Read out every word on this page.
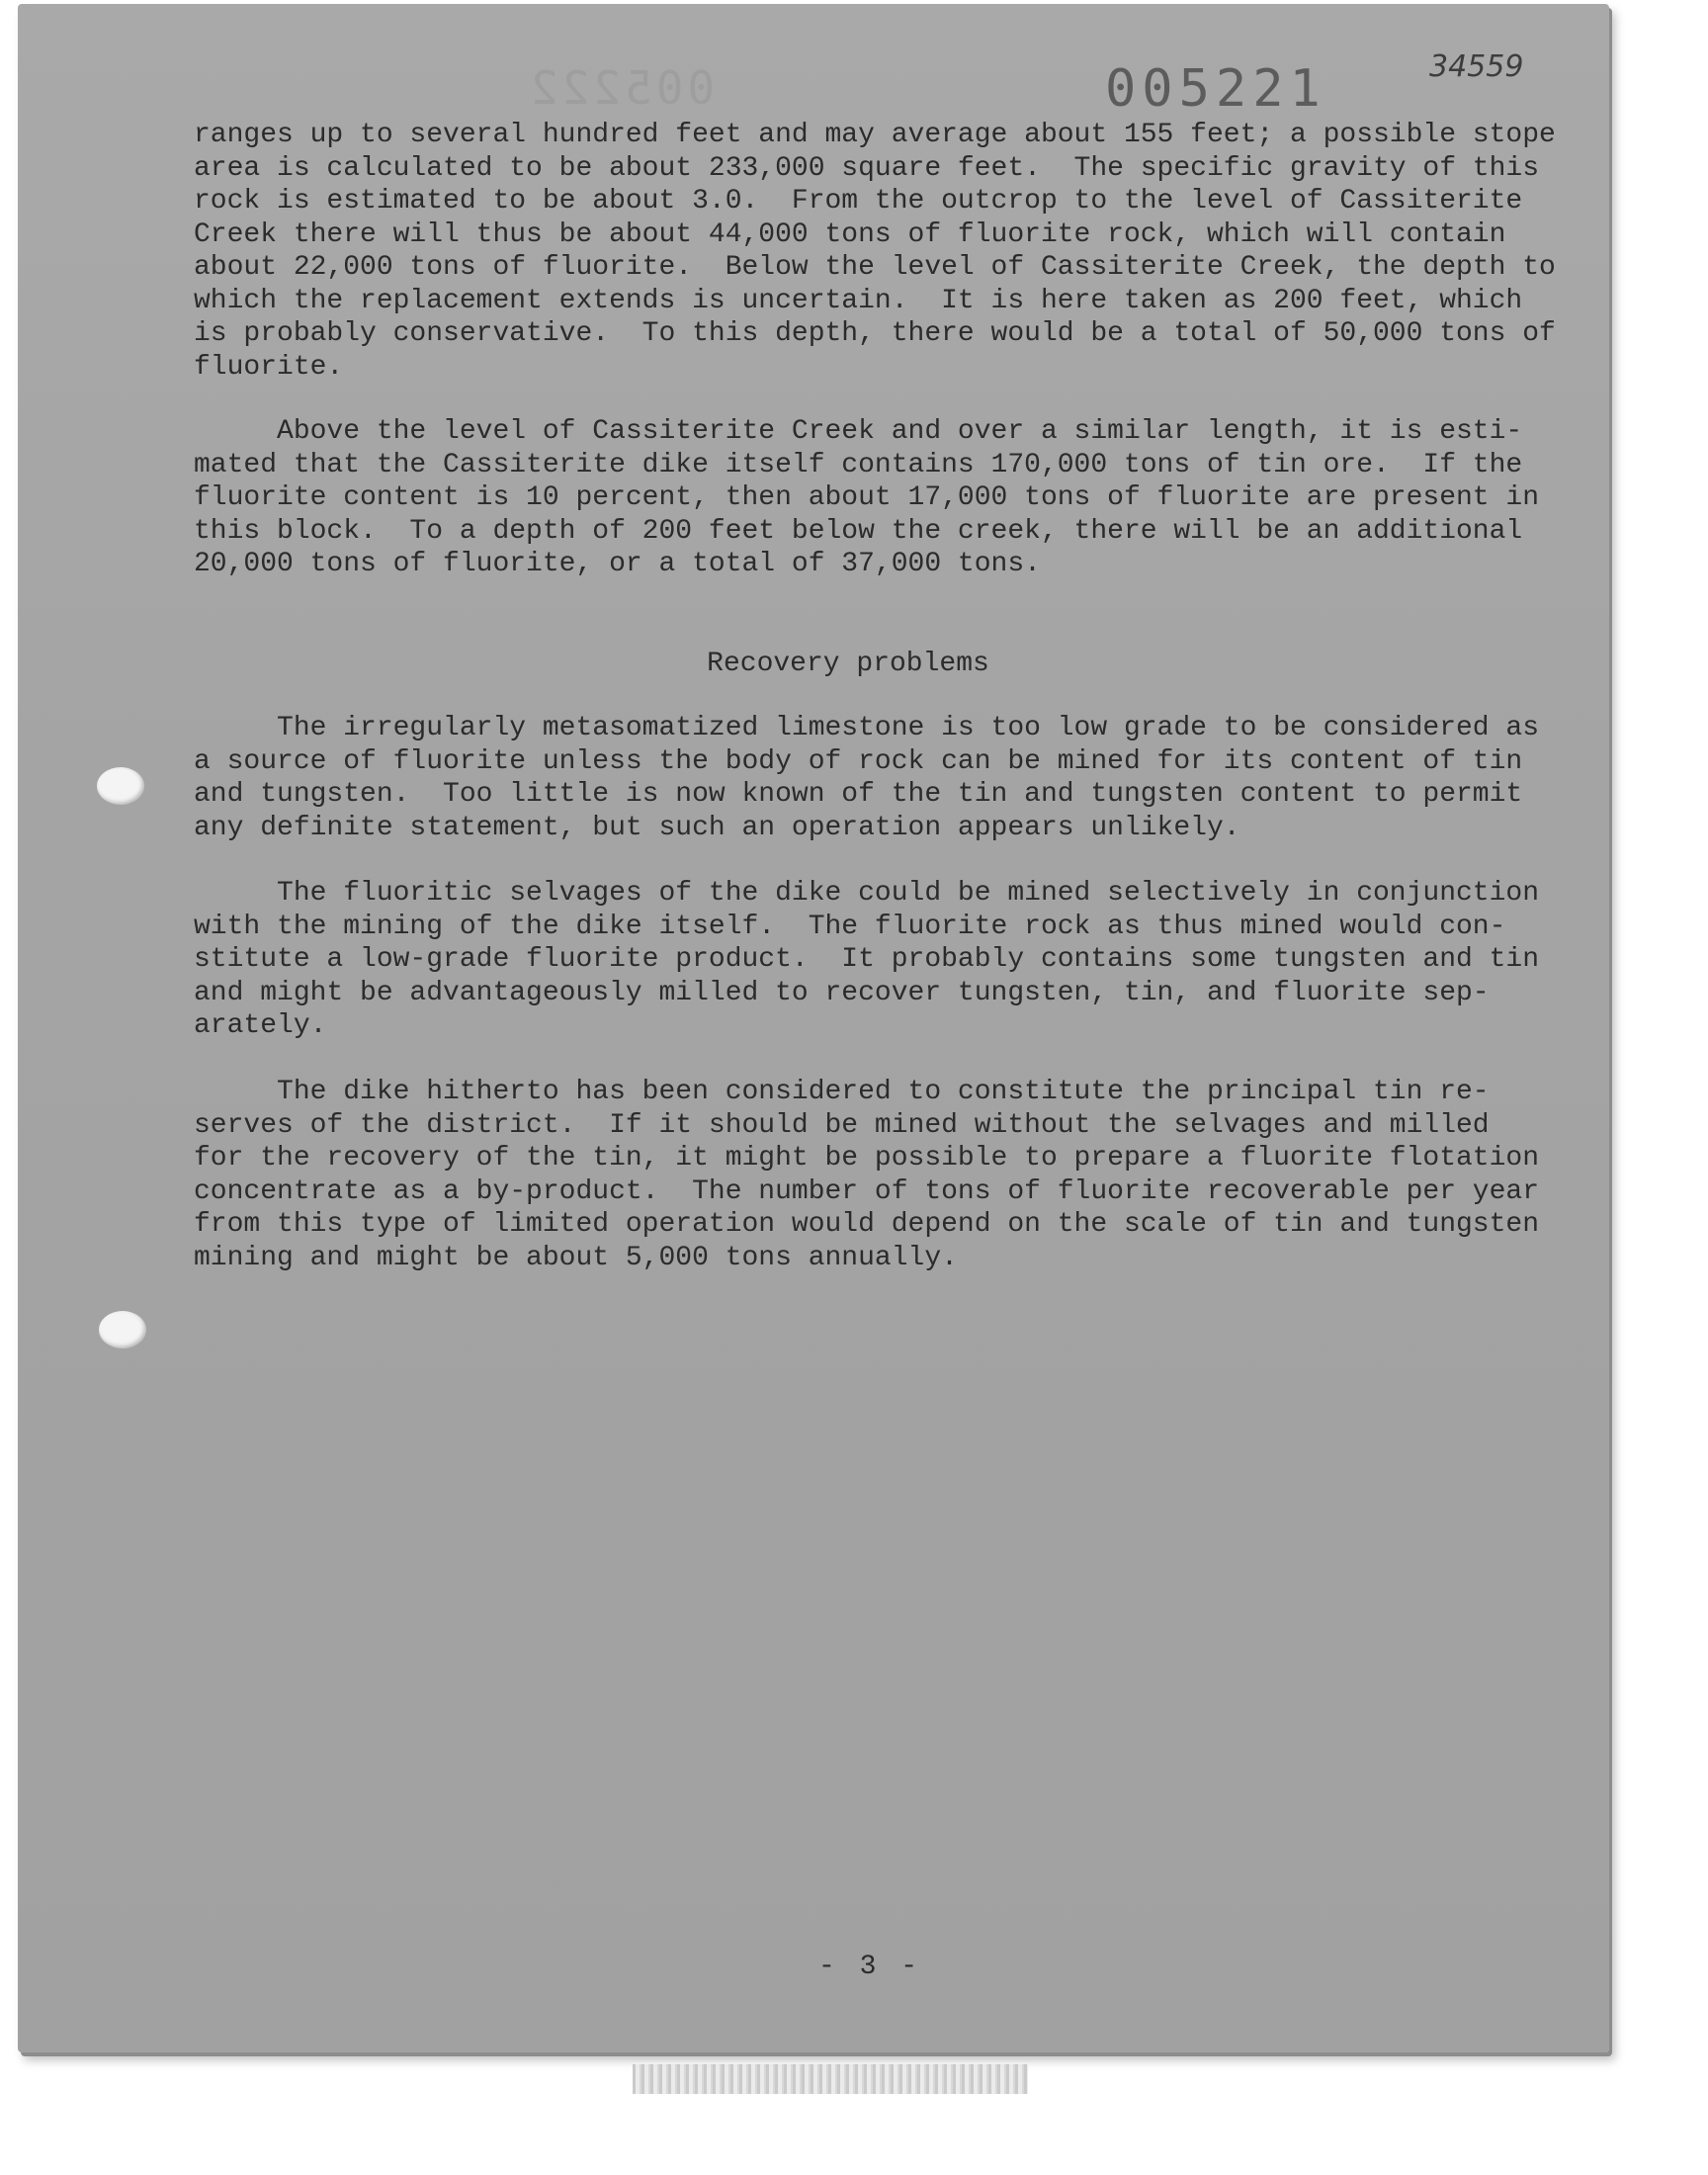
005222	005221	34559
ranges up to several hundred feet and may average about 155 feet; a possible stope
area is calculated to be about 233,000 square feet.  The specific gravity of this
rock is estimated to be about 3.0.  From the outcrop to the level of Cassiterite
Creek there will thus be about 44,000 tons of fluorite rock, which will contain
about 22,000 tons of fluorite.  Below the level of Cassiterite Creek, the depth to
which the replacement extends is uncertain.  It is here taken as 200 feet, which
is probably conservative.  To this depth, there would be a total of 50,000 tons of
fluorite.
Above the level of Cassiterite Creek and over a similar length, it is esti-
mated that the Cassiterite dike itself contains 170,000 tons of tin ore.  If the
fluorite content is 10 percent, then about 17,000 tons of fluorite are present in
this block.  To a depth of 200 feet below the creek, there will be an additional
20,000 tons of fluorite, or a total of 37,000 tons.
Recovery problems
The irregularly metasomatized limestone is too low grade to be considered as
a source of fluorite unless the body of rock can be mined for its content of tin
and tungsten.  Too little is now known of the tin and tungsten content to permit
any definite statement, but such an operation appears unlikely.
The fluoritic selvages of the dike could be mined selectively in conjunction
with the mining of the dike itself.  The fluorite rock as thus mined would con-
stitute a low-grade fluorite product.  It probably contains some tungsten and tin
and might be advantageously milled to recover tungsten, tin, and fluorite sep-
arately.
The dike hitherto has been considered to constitute the principal tin re-
serves of the district.  If it should be mined without the selvages and milled
for the recovery of the tin, it might be possible to prepare a fluorite flotation
concentrate as a by-product.  The number of tons of fluorite recoverable per year
from this type of limited operation would depend on the scale of tin and tungsten
mining and might be about 5,000 tons annually.
- 3 -
